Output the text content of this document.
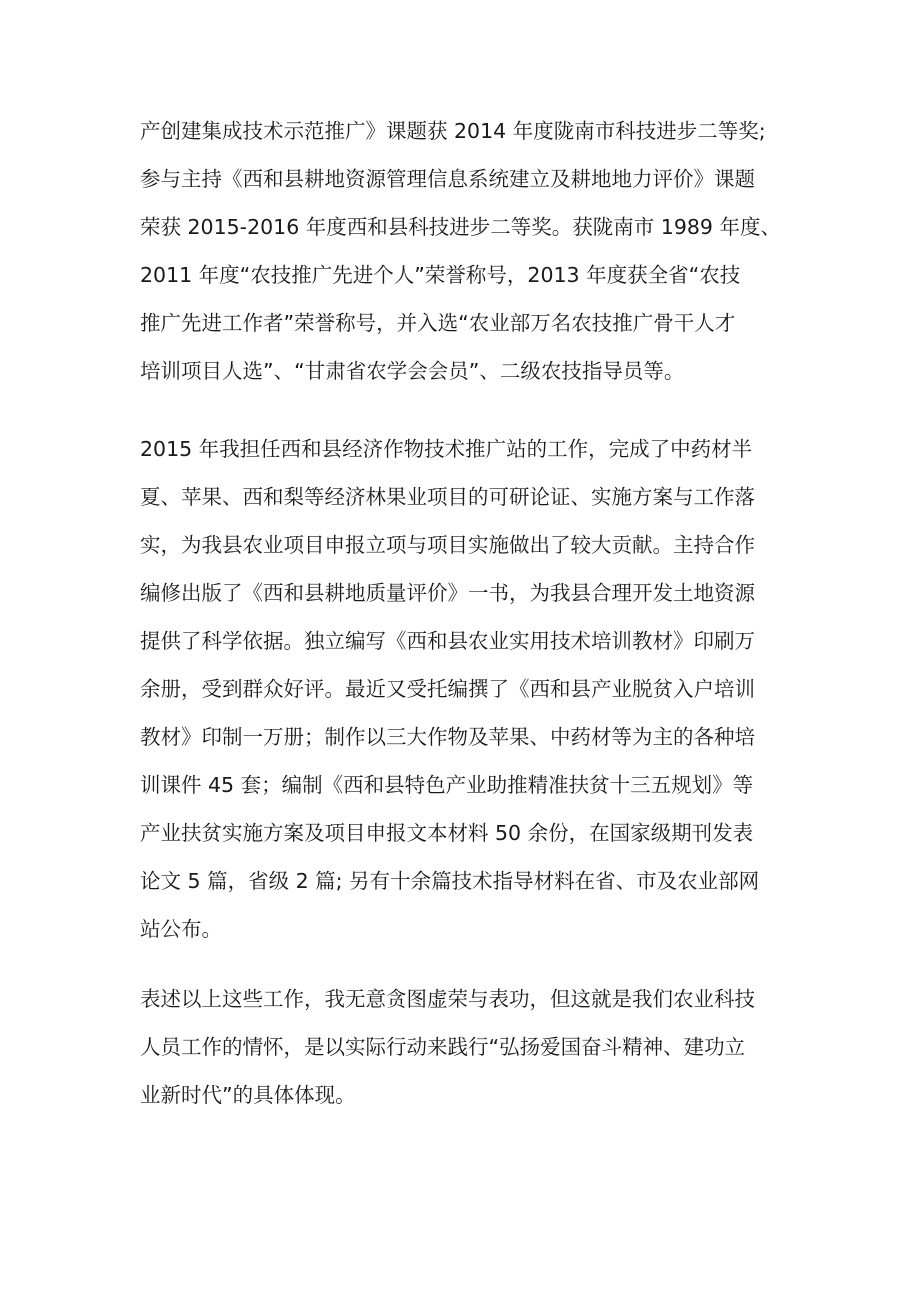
产创建集成技术示范推广》课题获 2014 年度陇南市科技进步二等奖;
参与主持《西和县耕地资源管理信息系统建立及耕地地力评价》课题
荣获 2015-2016 年度西和县科技进步二等奖。获陇南市 1989 年度、
2011 年度“农技推广先进个人”荣誉称号，2013 年度获全省“农技
推广先进工作者”荣誉称号，并入选“农业部万名农技推广骨干人才
培训项目人选”、“甘肃省农学会会员”、二级农技指导员等。
2015 年我担任西和县经济作物技术推广站的工作，完成了中药材半
夏、苹果、西和梨等经济林果业项目的可研论证、实施方案与工作落
实，为我县农业项目申报立项与项目实施做出了较大贡献。主持合作
编修出版了《西和县耕地质量评价》一书，为我县合理开发土地资源
提供了科学依据。独立编写《西和县农业实用技术培训教材》印刷万
余册，受到群众好评。最近又受托编撰了《西和县产业脱贫入户培训
教材》印制一万册；制作以三大作物及苹果、中药材等为主的各种培
训课件 45 套；编制《西和县特色产业助推精准扶贫十三五规划》等
产业扶贫实施方案及项目申报文本材料 50 余份，在国家级期刊发表
论文 5 篇，省级 2 篇; 另有十余篇技术指导材料在省、市及农业部网
站公布。
表述以上这些工作，我无意贪图虚荣与表功，但这就是我们农业科技
人员工作的情怀，是以实际行动来践行“弘扬爱国奋斗精神、建功立
业新时代”的具体体现。
